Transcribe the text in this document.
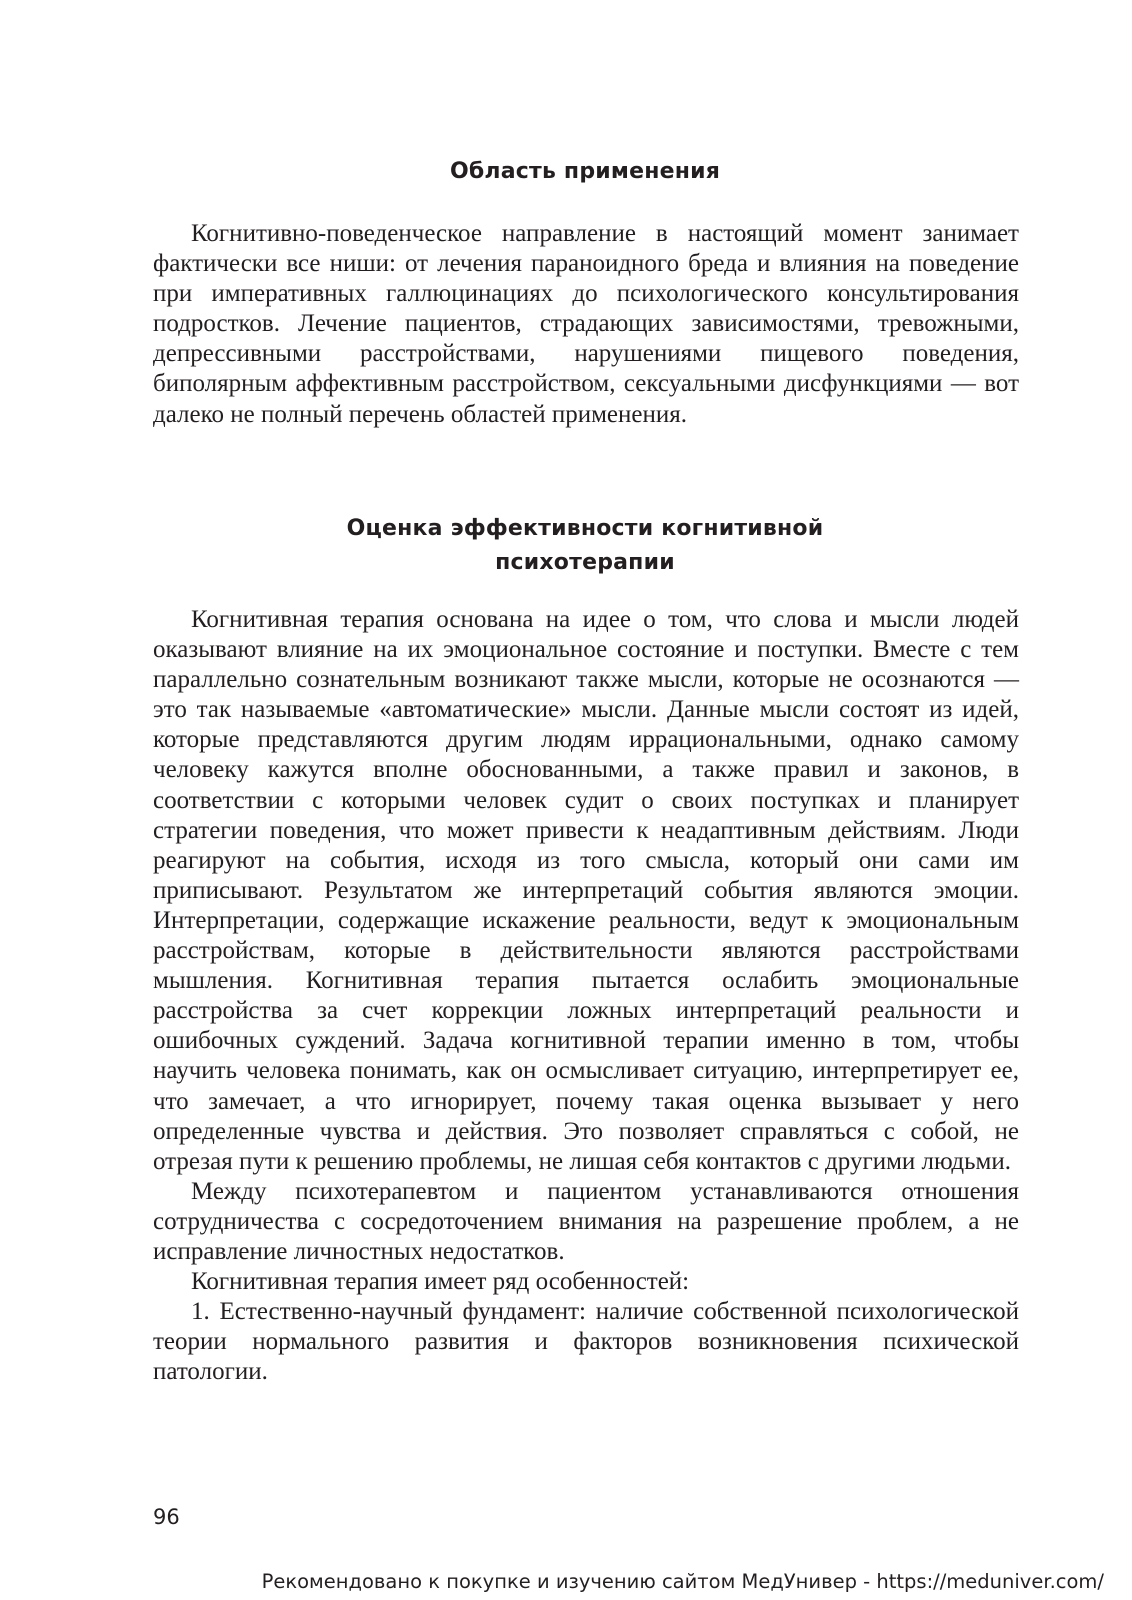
Область применения

Когнитивно-поведенческое направление в настоящий момент занимает фактически все ниши: от лечения параноидного бреда и влияния на поведение при императивных галлюцинациях до психологического консультирования подростков. Лечение пациентов, страдающих зависимостями, тревожными, депрессивными расстройствами, нарушениями пищевого поведения, биполярным аффективным расстройством, сексуальными дисфункциями — вот далеко не полный перечень областей применения.

Оценка эффективности когнитивной
психотерапии

Когнитивная терапия основана на идее о том, что слова и мысли людей оказывают влияние на их эмоциональное состояние и поступки. Вместе с тем параллельно сознательным возникают также мысли, которые не осознаются — это так называемые «автоматические» мысли. Данные мысли состоят из идей, которые представляются другим людям иррациональными, однако самому человеку кажутся вполне обоснованными, а также правил и законов, в соответствии с которыми человек судит о своих поступках и планирует стратегии поведения, что может привести к неадаптивным действиям. Люди реагируют на события, исходя из того смысла, который они сами им приписывают. Результатом же интерпретаций события являются эмоции. Интерпретации, содержащие искажение реальности, ведут к эмоциональным расстройствам, которые в действительности являются расстройствами мышления. Когнитивная терапия пытается ослабить эмоциональные расстройства за счет коррекции ложных интерпретаций реальности и ошибочных суждений. Задача когнитивной терапии именно в том, чтобы научить человека понимать, как он осмысливает ситуацию, интерпретирует ее, что замечает, а что игнорирует, почему такая оценка вызывает у него определенные чувства и действия. Это позволяет справляться с собой, не отрезая пути к решению проблемы, не лишая себя контактов с другими людьми.

Между психотерапевтом и пациентом устанавливаются отношения сотрудничества с сосредоточением внимания на разрешение проблем, а не исправление личностных недостатков.

Когнитивная терапия имеет ряд особенностей:

1. Естественно-научный фундамент: наличие собственной психологической теории нормального развития и факторов возникновения психической патологии.

96
Рекомендовано к покупке и изучению сайтом МедУнивер - https://meduniver.com/
